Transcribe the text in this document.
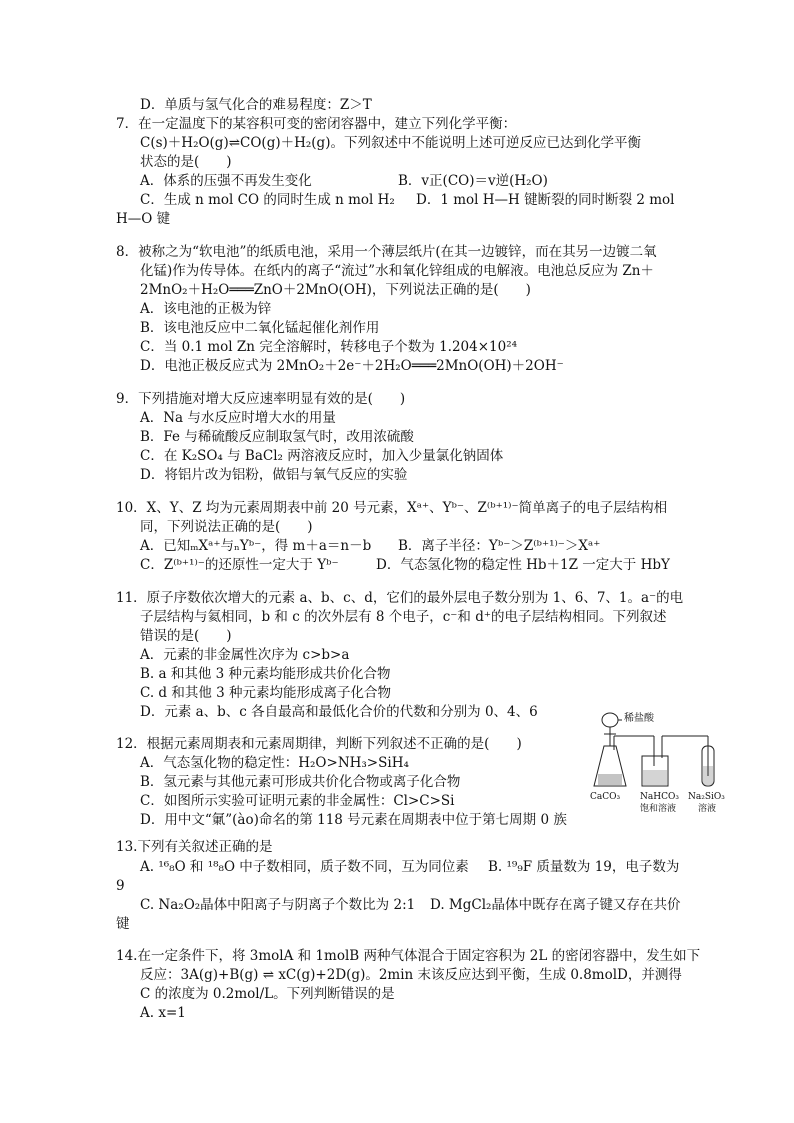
D．单质与氢气化合的难易程度：Z＞T
7．在一定温度下的某容积可变的密闭容器中，建立下列化学平衡：
C(s)＋H₂O(g)⇌CO(g)＋H₂(g)。下列叙述中不能说明上述可逆反应已达到化学平衡
状态的是(　　)
A．体系的压强不再发生变化	B．v正(CO)＝v逆(H₂O)
C．生成 n mol CO 的同时生成 n mol H₂ D．1 mol H—H 键断裂的同时断裂 2 mol
H—O 键
8．被称之为“软电池”的纸质电池，采用一个薄层纸片(在其一边镀锌，而在其另一边镀二氧
化锰)作为传导体。在纸内的离子“流过”水和氧化锌组成的电解液。电池总反应为 Zn＋
2MnO₂＋H₂O═══ZnO＋2MnO(OH)，下列说法正确的是(　　)
A．该电池的正极为锌
B．该电池反应中二氧化锰起催化剂作用
C．当 0.1 mol Zn 完全溶解时，转移电子个数为 1.204×10²⁴
D．电池正极反应式为 2MnO₂＋2e⁻＋2H₂O═══2MnO(OH)＋2OH⁻
9．下列措施对增大反应速率明显有效的是(　　)
A．Na 与水反应时增大水的用量
B．Fe 与稀硫酸反应制取氢气时，改用浓硫酸
C．在 K₂SO₄ 与 BaCl₂ 两溶液反应时，加入少量氯化钠固体
D．将铝片改为铝粉，做铝与氧气反应的实验
10．X、Y、Z 均为元素周期表中前 20 号元素，Xᵃ⁺、Yᵇ⁻、Z⁽ᵇ⁺¹⁾⁻简单离子的电子层结构相
同，下列说法正确的是(　　)
A．已知ₘXᵃ⁺与ₙYᵇ⁻，得 m＋a＝n－b B．离子半径：Yᵇ⁻＞Z⁽ᵇ⁺¹⁾⁻＞Xᵃ⁺
C．Z⁽ᵇ⁺¹⁾⁻的还原性一定大于 Yᵇ⁻	D．气态氢化物的稳定性 Hb＋1Z 一定大于 HbY
11．原子序数依次增大的元素 a、b、c、d，它们的最外层电子数分别为 1、6、7、1。a⁻的电
子层结构与氦相同，b 和 c 的次外层有 8 个电子，c⁻和 d⁺的电子层结构相同。下列叙述
错误的是(　　)
A．元素的非金属性次序为 c>b>a
B. a 和其他 3 种元素均能形成共价化合物
C. d 和其他 3 种元素均能形成离子化合物
D．元素 a、b、c 各自最高和最低化合价的代数和分别为 0、4、6
12．根据元素周期表和元素周期律，判断下列叙述不正确的是(　　)
A．气态氢化物的稳定性：H₂O>NH₃>SiH₄
B．氢元素与其他元素可形成共价化合物或离子化合物
C．如图所示实验可证明元素的非金属性：Cl>C>Si
D．用中文“氭”(ào)命名的第 118 号元素在周期表中位于第七周期 0 族
稀盐酸
CaCO₃ NaHCO₃
饱和溶液
Na₂SiO₃
溶液
13.下列有关叙述正确的是
A. ¹⁶₈O 和 ¹⁸₈O 中子数相同，质子数不同，互为同位素 B. ¹⁹₉F 质量数为 19，电子数为
9
C. Na₂O₂晶体中阳离子与阴离子个数比为 2:1 D. MgCl₂晶体中既存在离子键又存在共价
键
14.在一定条件下，将 3molA 和 1molB 两种气体混合于固定容积为 2L 的密闭容器中，发生如下
反应：3A(g)+B(g) ⇌ xC(g)+2D(g)。2min 末该反应达到平衡，生成 0.8molD，并测得
C 的浓度为 0.2mol/L。下列判断错误的是
A. x=1
